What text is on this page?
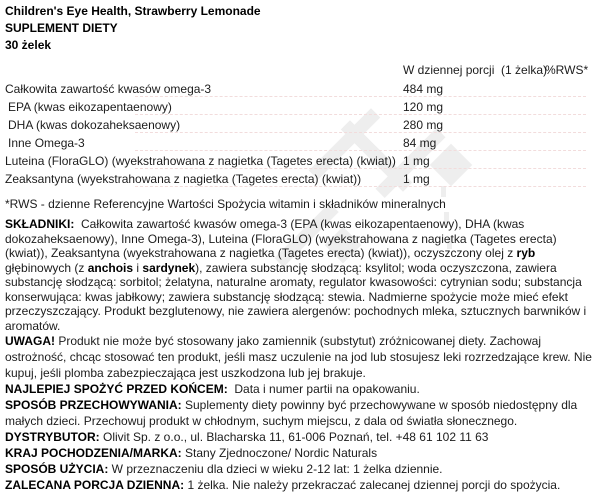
Children's Eye Health, Strawberry Lemonade
SUPLEMENT DIETY
30 żelek
W dziennej porcji  (1 żelka)
%RWS*
Całkowita zawartość kwasów omega-3	484 mg
EPA (kwas eikozapentaenowy)	120 mg
DHA (kwas dokozaheksaenowy)	280 mg
Inne Omega-3	84 mg
Luteina (FloraGLO) (wyekstrahowana z nagietka (Tagetes erecta) (kwiat)) 1 mg
Zeaksantyna (wyekstrahowana z nagietka (Tagetes erecta) (kwiat))	1 mg
*RWS - dzienne Referencyjne Wartości Spożycia witamin i składników mineralnych

SKŁADNIKI:  Całkowita zawartość kwasów omega-3 (EPA (kwas eikozapentaenowy), DHA (kwas dokozaheksaenowy), Inne Omega-3), Luteina (FloraGLO) (wyekstrahowana z nagietka (Tagetes erecta) (kwiat)), Zeaksantyna (wyekstrahowana z nagietka (Tagetes erecta) (kwiat)), oczyszczony olej z ryb głębinowych (z anchois i sardynek), zawiera substancję słodzącą: ksylitol; woda oczyszczona, zawiera substancję słodzącą: sorbitol; żelatyna, naturalne aromaty, regulator kwasowości: cytrynian sodu; substancja konserwująca: kwas jabłkowy; zawiera substancję słodzącą: stewia. Nadmierne spożycie może mieć efekt przeczyszczający. Produkt bezglutenowy, nie zawiera alergenów: pochodnych mleka, sztucznych barwników i aromatów.

UWAGA! Produkt nie może być stosowany jako zamiennik (substytut) zróżnicowanej diety. Zachowaj ostrożność, chcąc stosować ten produkt, jeśli masz uczulenie na jod lub stosujesz leki rozrzedzające krew. Nie kupuj, jeśli plomba zabezpieczająca jest uszkodzona lub jej brakuje.

NAJLEPIEJ SPOŻYĆ PRZED KOŃCEM:  Data i numer partii na opakowaniu.

SPOSÓB PRZECHOWYWANIA: Suplementy diety powinny być przechowywane w sposób niedostępny dla małych dzieci. Przechowuj produkt w chłodnym, suchym miejscu, z dala od światła słonecznego.

DYSTRYBUTOR: Olivit Sp. z o.o., ul. Blacharska 11, 61-006 Poznań, tel. +48 61 102 11 63

KRAJ POCHODZENIA/MARKA: Stany Zjednoczone/ Nordic Naturals

SPOSÓB UŻYCIA: W przeznaczeniu dla dzieci w wieku 2-12 lat: 1 żelka dziennie.

ZALECANA PORCJA DZIENNA: 1 żelka. Nie należy przekraczać zalecanej dziennej porcji do spożycia.
